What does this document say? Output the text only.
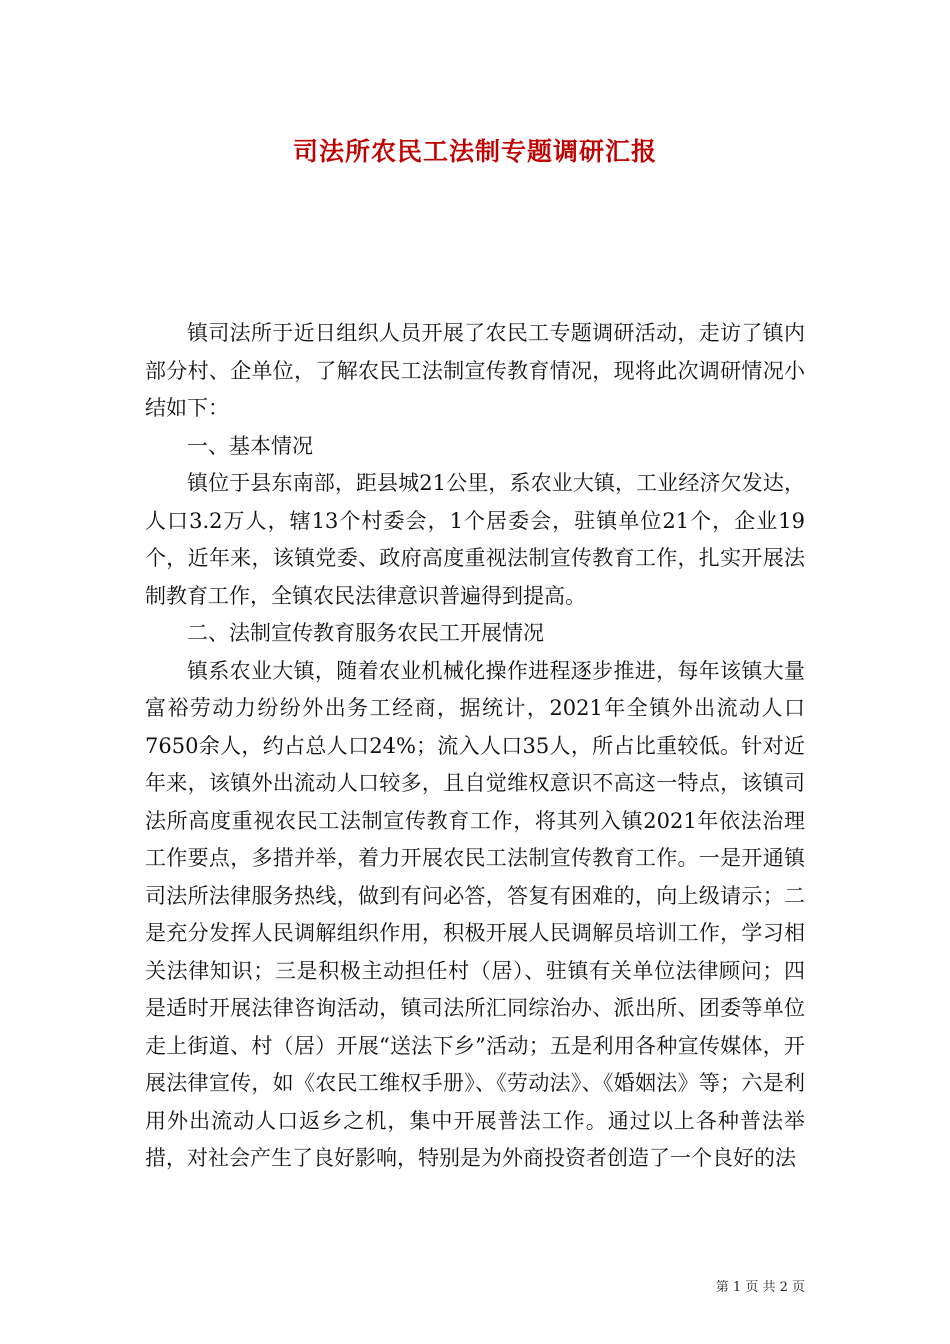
司法所农民工法制专题调研汇报

镇司法所于近日组织人员开展了农民工专题调研活动，走访了镇内部分村、企单位，了解农民工法制宣传教育情况，现将此次调研情况小结如下：

一、基本情况

镇位于县东南部，距县城21公里，系农业大镇，工业经济欠发达，人口3.2万人，辖13个村委会，1个居委会，驻镇单位21个，企业19个，近年来，该镇党委、政府高度重视法制宣传教育工作，扎实开展法制教育工作，全镇农民法律意识普遍得到提高。

二、法制宣传教育服务农民工开展情况

镇系农业大镇，随着农业机械化操作进程逐步推进，每年该镇大量富裕劳动力纷纷外出务工经商，据统计，2021年全镇外出流动人口7650余人，约占总人口24%；流入人口35人，所占比重较低。针对近年来，该镇外出流动人口较多，且自觉维权意识不高这一特点，该镇司法所高度重视农民工法制宣传教育工作，将其列入镇2021年依法治理工作要点，多措并举，着力开展农民工法制宣传教育工作。一是开通镇司法所法律服务热线，做到有问必答，答复有困难的，向上级请示；二是充分发挥人民调解组织作用，积极开展人民调解员培训工作，学习相关法律知识；三是积极主动担任村（居）、驻镇有关单位法律顾问；四是适时开展法律咨询活动，镇司法所汇同综治办、派出所、团委等单位走上街道、村（居）开展“送法下乡”活动；五是利用各种宣传媒体，开展法律宣传，如《农民工维权手册》、《劳动法》、《婚姻法》等；六是利用外出流动人口返乡之机，集中开展普法工作。通过以上各种普法举措，对社会产生了良好影响，特别是为外商投资者创造了一个良好的法

第 1 页 共 2 页
